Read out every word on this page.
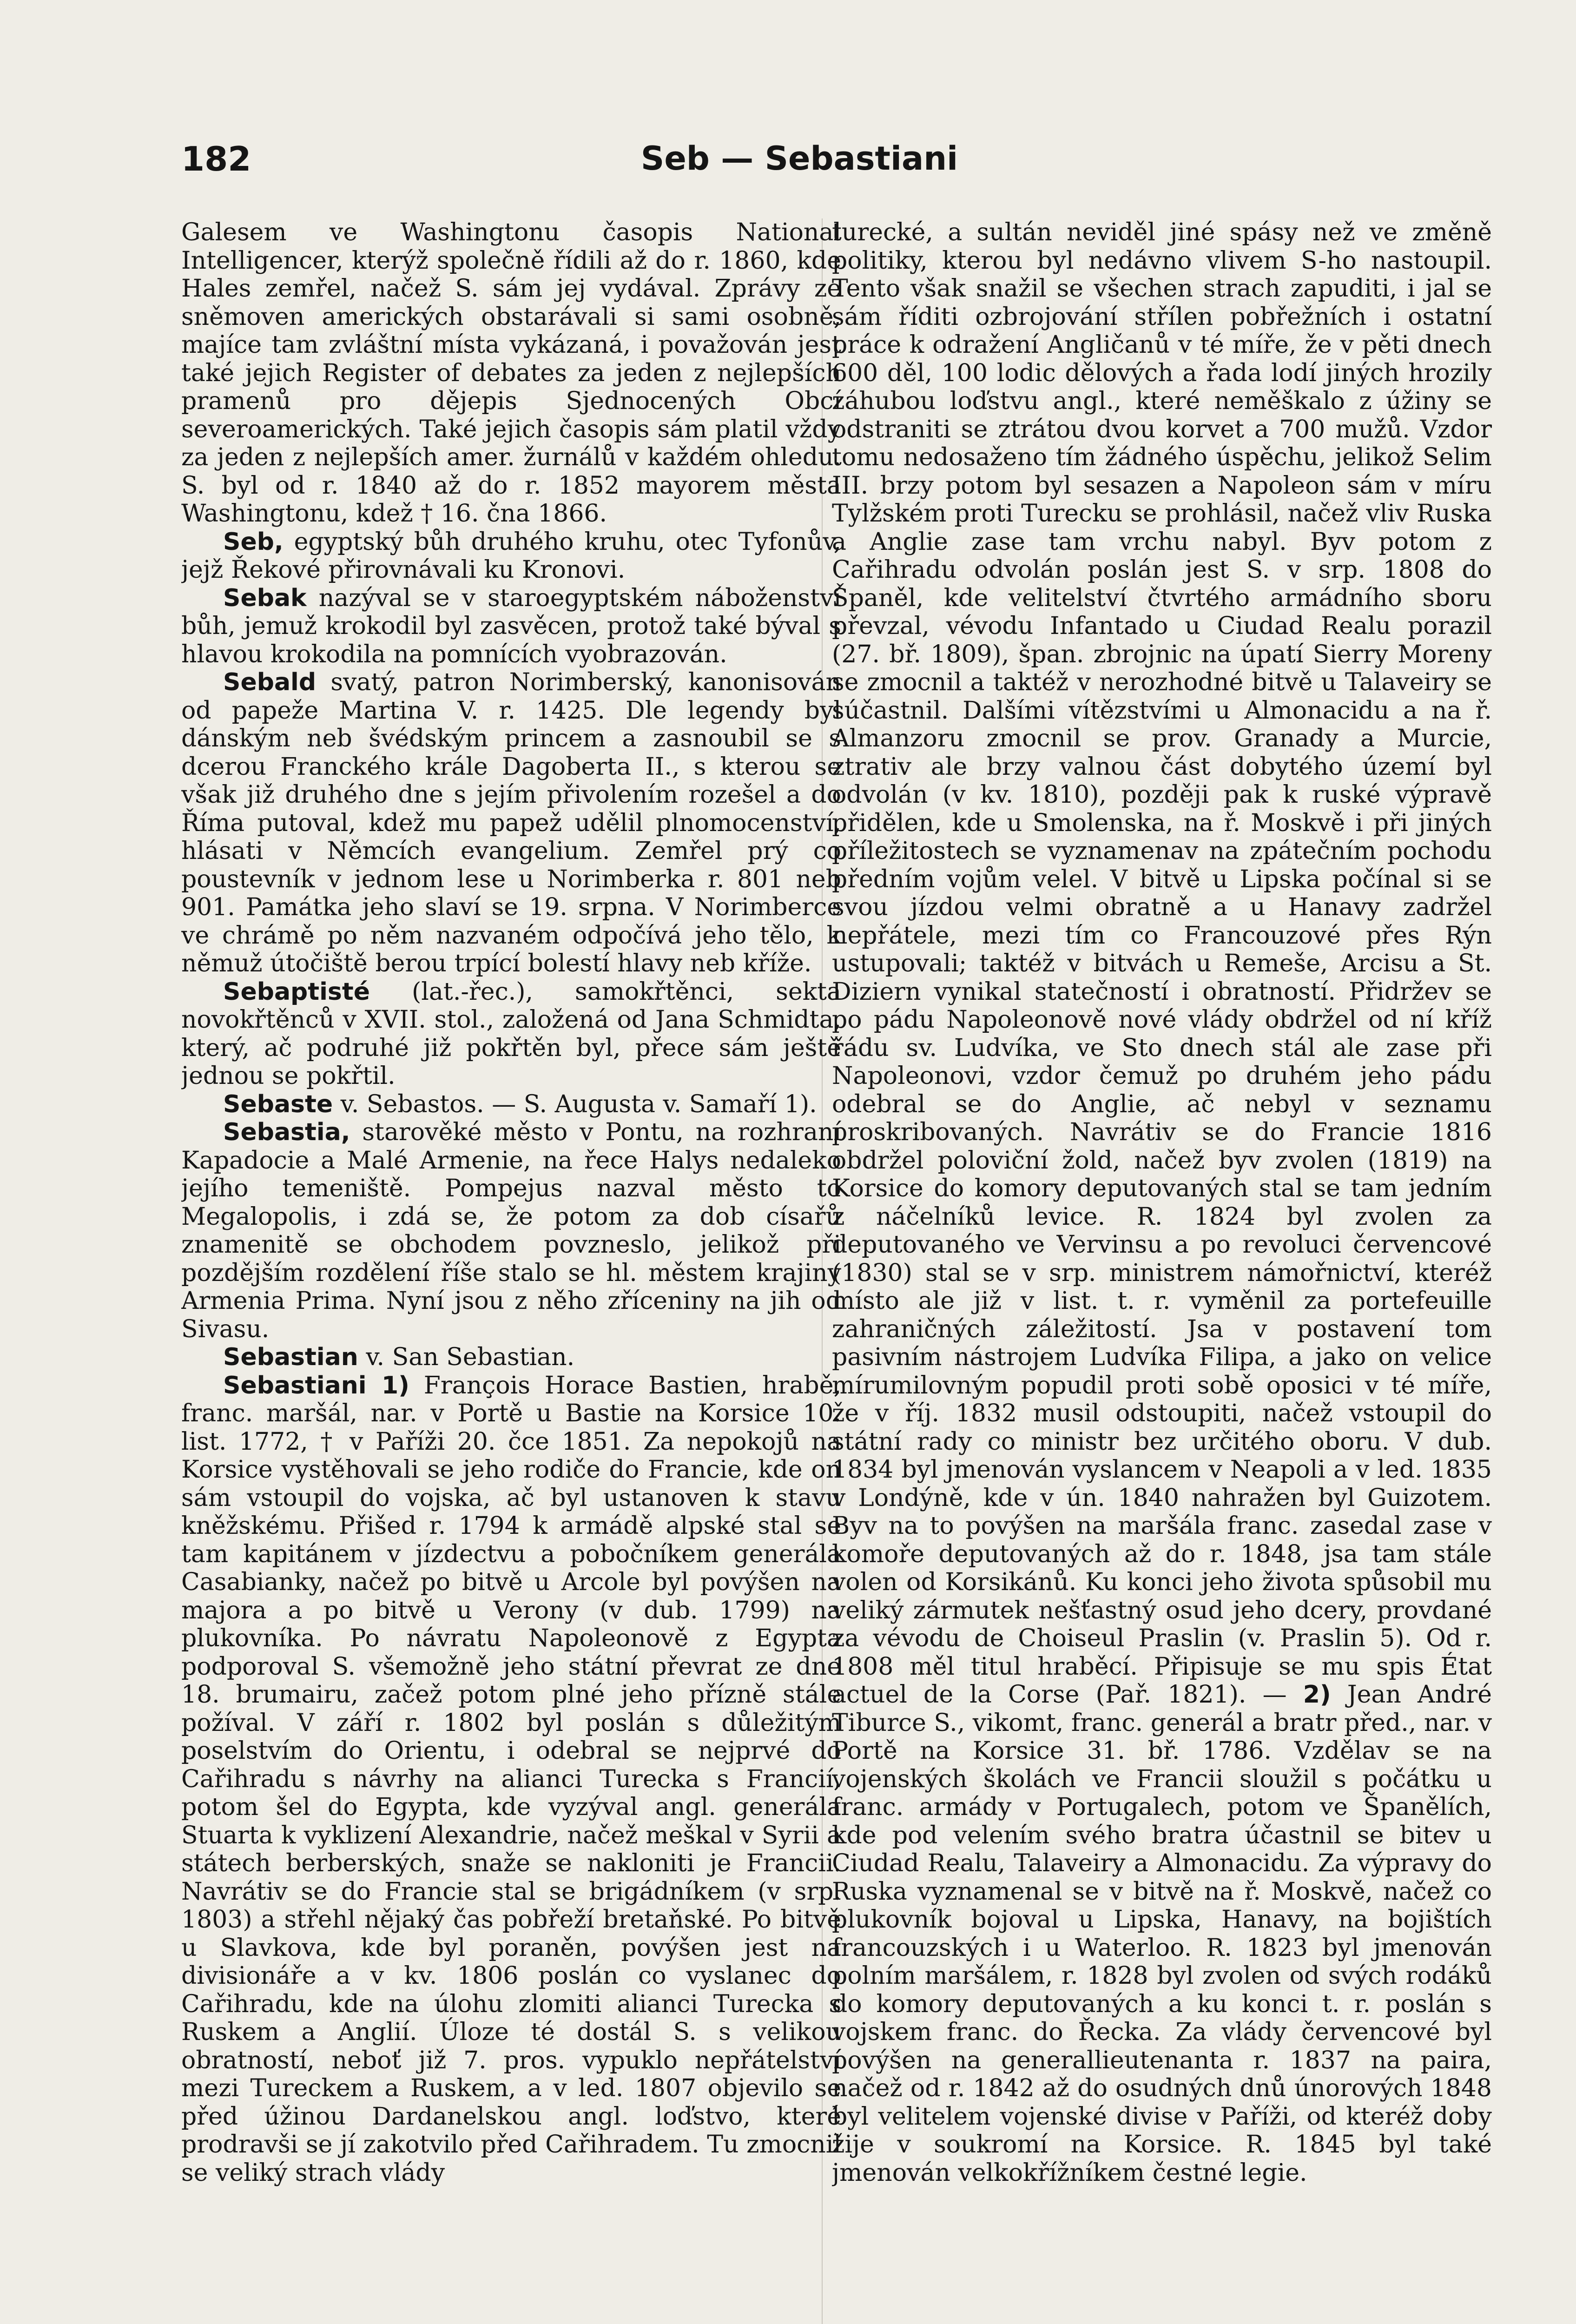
182	Seb — Sebastiani

Galesem ve Washingtonu časopis National Intelligencer, kterýž společně řídili až do r. 1860, kde Hales zemřel, načež S. sám jej vydával. Zprávy ze sněmoven amerických obstarávali si sami osobně, majíce tam zvláštní místa vykázaná, i považován jest také jejich Register of debates za jeden z nejlepších pramenů pro dějepis Sjednocených Obcí severoamerických. Také jejich časopis sám platil vždy za jeden z nejlepších amer. žurnálů v každém ohledu. S. byl od r. 1840 až do r. 1852 mayorem města Washingtonu, kdež † 16. čna 1866.

Seb, egyptský bůh druhého kruhu, otec Tyfonův, jejž Řekové přirovnávali ku Kronovi.

Sebak nazýval se v staroegyptském náboženství bůh, jemuž krokodil byl zasvěcen, protož také býval s hlavou krokodila na pomnících vyobrazován.

Sebald svatý, patron Norimberský, kanonisován od papeže Martina V. r. 1425. Dle legendy byl dánským neb švédským princem a zasnoubil se s dcerou Franckého krále Dagoberta II., s kterou se však již druhého dne s jejím přivolením rozešel a do Říma putoval, kdež mu papež udělil plnomocenství, hlásati v Němcích evangelium. Zemřel prý co poustevník v jednom lese u Norimberka r. 801 neb 901. Památka jeho slaví se 19. srpna. V Norimberce ve chrámě po něm nazvaném odpočívá jeho tělo, k němuž útočiště berou trpící bolestí hlavy neb kříže.

Sebaptisté (lat.-řec.), samokřtěnci, sekta novokřtěnců v XVII. stol., založená od Jana Schmidta, který, ač podruhé již pokřtěn byl, přece sám ještě jednou se pokřtil.

Sebaste v. Sebastos. — S. Augusta v. Samaří 1).

Sebastia, starověké město v Pontu, na rozhraní Kapadocie a Malé Armenie, na řece Halys nedaleko jejího temeniště. Pompejus nazval město to Megalopolis, i zdá se, že potom za dob císařů znamenitě se obchodem povzneslo, jelikož při pozdějším rozdělení říše stalo se hl. městem krajiny Armenia Prima. Nyní jsou z něho zříceniny na jih od Sivasu.

Sebastian v. San Sebastian.

Sebastiani 1) François Horace Bastien, hrabě, franc. maršál, nar. v Portě u Bastie na Korsice 10. list. 1772, † v Paříži 20. čce 1851. Za nepokojů na Korsice vystěhovali se jeho rodiče do Francie, kde on sám vstoupil do vojska, ač byl ustanoven k stavu kněžskému. Přišed r. 1794 k armádě alpské stal se tam kapitánem v jízdectvu a pobočníkem generála Casabianky, načež po bitvě u Arcole byl povýšen na majora a po bitvě u Verony (v dub. 1799) na plukovníka. Po návratu Napoleonově z Egypta podporoval S. všemožně jeho státní převrat ze dne 18. brumairu, začež potom plné jeho přízně stále požíval. V září r. 1802 byl poslán s důležitým poselstvím do Orientu, i odebral se nejprvé do Cařihradu s návrhy na alianci Turecka s Francií, potom šel do Egypta, kde vyzýval angl. generála Stuarta k vyklizení Alexandrie, načež meškal v Syrii a státech berberských, snaže se nakloniti je Francii. Navrátiv se do Francie stal se brigádníkem (v srp. 1803) a střehl nějaký čas pobřeží bretaňské. Po bitvě u Slavkova, kde byl poraněn, povýšen jest na divisionáře a v kv. 1806 poslán co vyslanec do Cařihradu, kde na úlohu zlomiti alianci Turecka s Ruskem a Anglií. Úloze té dostál S. s velikou obratností, neboť již 7. pros. vypuklo nepřátelství mezi Tureckem a Ruskem, a v led. 1807 objevilo se před úžinou Dardanelskou angl. loďstvo, které prodravši se jí zakotvilo před Cařihradem. Tu zmocnil se veliký strach vlády

turecké, a sultán neviděl jiné spásy než ve změně politiky, kterou byl nedávno vlivem S-ho nastoupil. Tento však snažil se všechen strach zapuditi, i jal se sám říditi ozbrojování střílen pobřežních i ostatní práce k odražení Angličanů v té míře, že v pěti dnech 600 děl, 100 lodic dělových a řada lodí jiných hrozily záhubou loďstvu angl., které neměškalo z úžiny se odstraniti se ztrátou dvou korvet a 700 mužů. Vzdor tomu nedosaženo tím žádného úspěchu, jelikož Selim III. brzy potom byl sesazen a Napoleon sám v míru Tylžském proti Turecku se prohlásil, načež vliv Ruska a Anglie zase tam vrchu nabyl. Byv potom z Cařihradu odvolán poslán jest S. v srp. 1808 do Španěl, kde velitelství čtvrtého armádního sboru převzal, vévodu Infantado u Ciudad Realu porazil (27. bř. 1809), špan. zbrojnic na úpatí Sierry Moreny se zmocnil a taktéž v nerozhodné bitvě u Talaveiry se súčastnil. Dalšími vítězstvími u Almonacidu a na ř. Almanzoru zmocnil se prov. Granady a Murcie, ztrativ ale brzy valnou část dobytého území byl odvolán (v kv. 1810), později pak k ruské výpravě přidělen, kde u Smolenska, na ř. Moskvě i při jiných příležitostech se vyznamenav na zpátečním pochodu předním vojům velel. V bitvě u Lipska počínal si se svou jízdou velmi obratně a u Hanavy zadržel nepřátele, mezi tím co Francouzové přes Rýn ustupovali; taktéž v bitvách u Remeše, Arcisu a St. Diziern vynikal statečností i obratností. Přidržev se po pádu Napoleonově nové vlády obdržel od ní kříž řádu sv. Ludvíka, ve Sto dnech stál ale zase při Napoleonovi, vzdor čemuž po druhém jeho pádu odebral se do Anglie, ač nebyl v seznamu proskribovaných. Navrátiv se do Francie 1816 obdržel poloviční žold, načež byv zvolen (1819) na Korsice do komory deputovaných stal se tam jedním z náčelníků levice. R. 1824 byl zvolen za deputovaného ve Vervinsu a po revoluci červencové (1830) stal se v srp. ministrem námořnictví, kteréž místo ale již v list. t. r. vyměnil za portefeuille zahraničných záležitostí. Jsa v postavení tom pasivním nástrojem Ludvíka Filipa, a jako on velice mírumilovným popudil proti sobě oposici v té míře, že v říj. 1832 musil odstoupiti, načež vstoupil do státní rady co ministr bez určitého oboru. V dub. 1834 byl jmenován vyslancem v Neapoli a v led. 1835 v Londýně, kde v ún. 1840 nahražen byl Guizotem. Byv na to povýšen na maršála franc. zasedal zase v komoře deputovaných až do r. 1848, jsa tam stále volen od Korsikánů. Ku konci jeho života spůsobil mu veliký zármutek nešťastný osud jeho dcery, provdané za vévodu de Choiseul Praslin (v. Praslin 5). Od r. 1808 měl titul hraběcí. Připisuje se mu spis État actuel de la Corse (Pař. 1821). — 2) Jean André Tiburce S., vikomt, franc. generál a bratr před., nar. v Portě na Korsice 31. bř. 1786. Vzdělav se na vojenských školách ve Francii sloužil s počátku u franc. armády v Portugalech, potom ve Španělích, kde pod velením svého bratra účastnil se bitev u Ciudad Realu, Talaveiry a Almonacidu. Za výpravy do Ruska vyznamenal se v bitvě na ř. Moskvě, načež co plukovník bojoval u Lipska, Hanavy, na bojištích francouzských i u Waterloo. R. 1823 byl jmenován polním maršálem, r. 1828 byl zvolen od svých rodáků do komory deputovaných a ku konci t. r. poslán s vojskem franc. do Řecka. Za vlády červencové byl povýšen na generallieutenanta r. 1837 na paira, načež od r. 1842 až do osudných dnů únorových 1848 byl velitelem vojenské divise v Paříži, od kteréž doby žije v soukromí na Korsice. R. 1845 byl také jmenován velkokřížníkem čestné legie.
